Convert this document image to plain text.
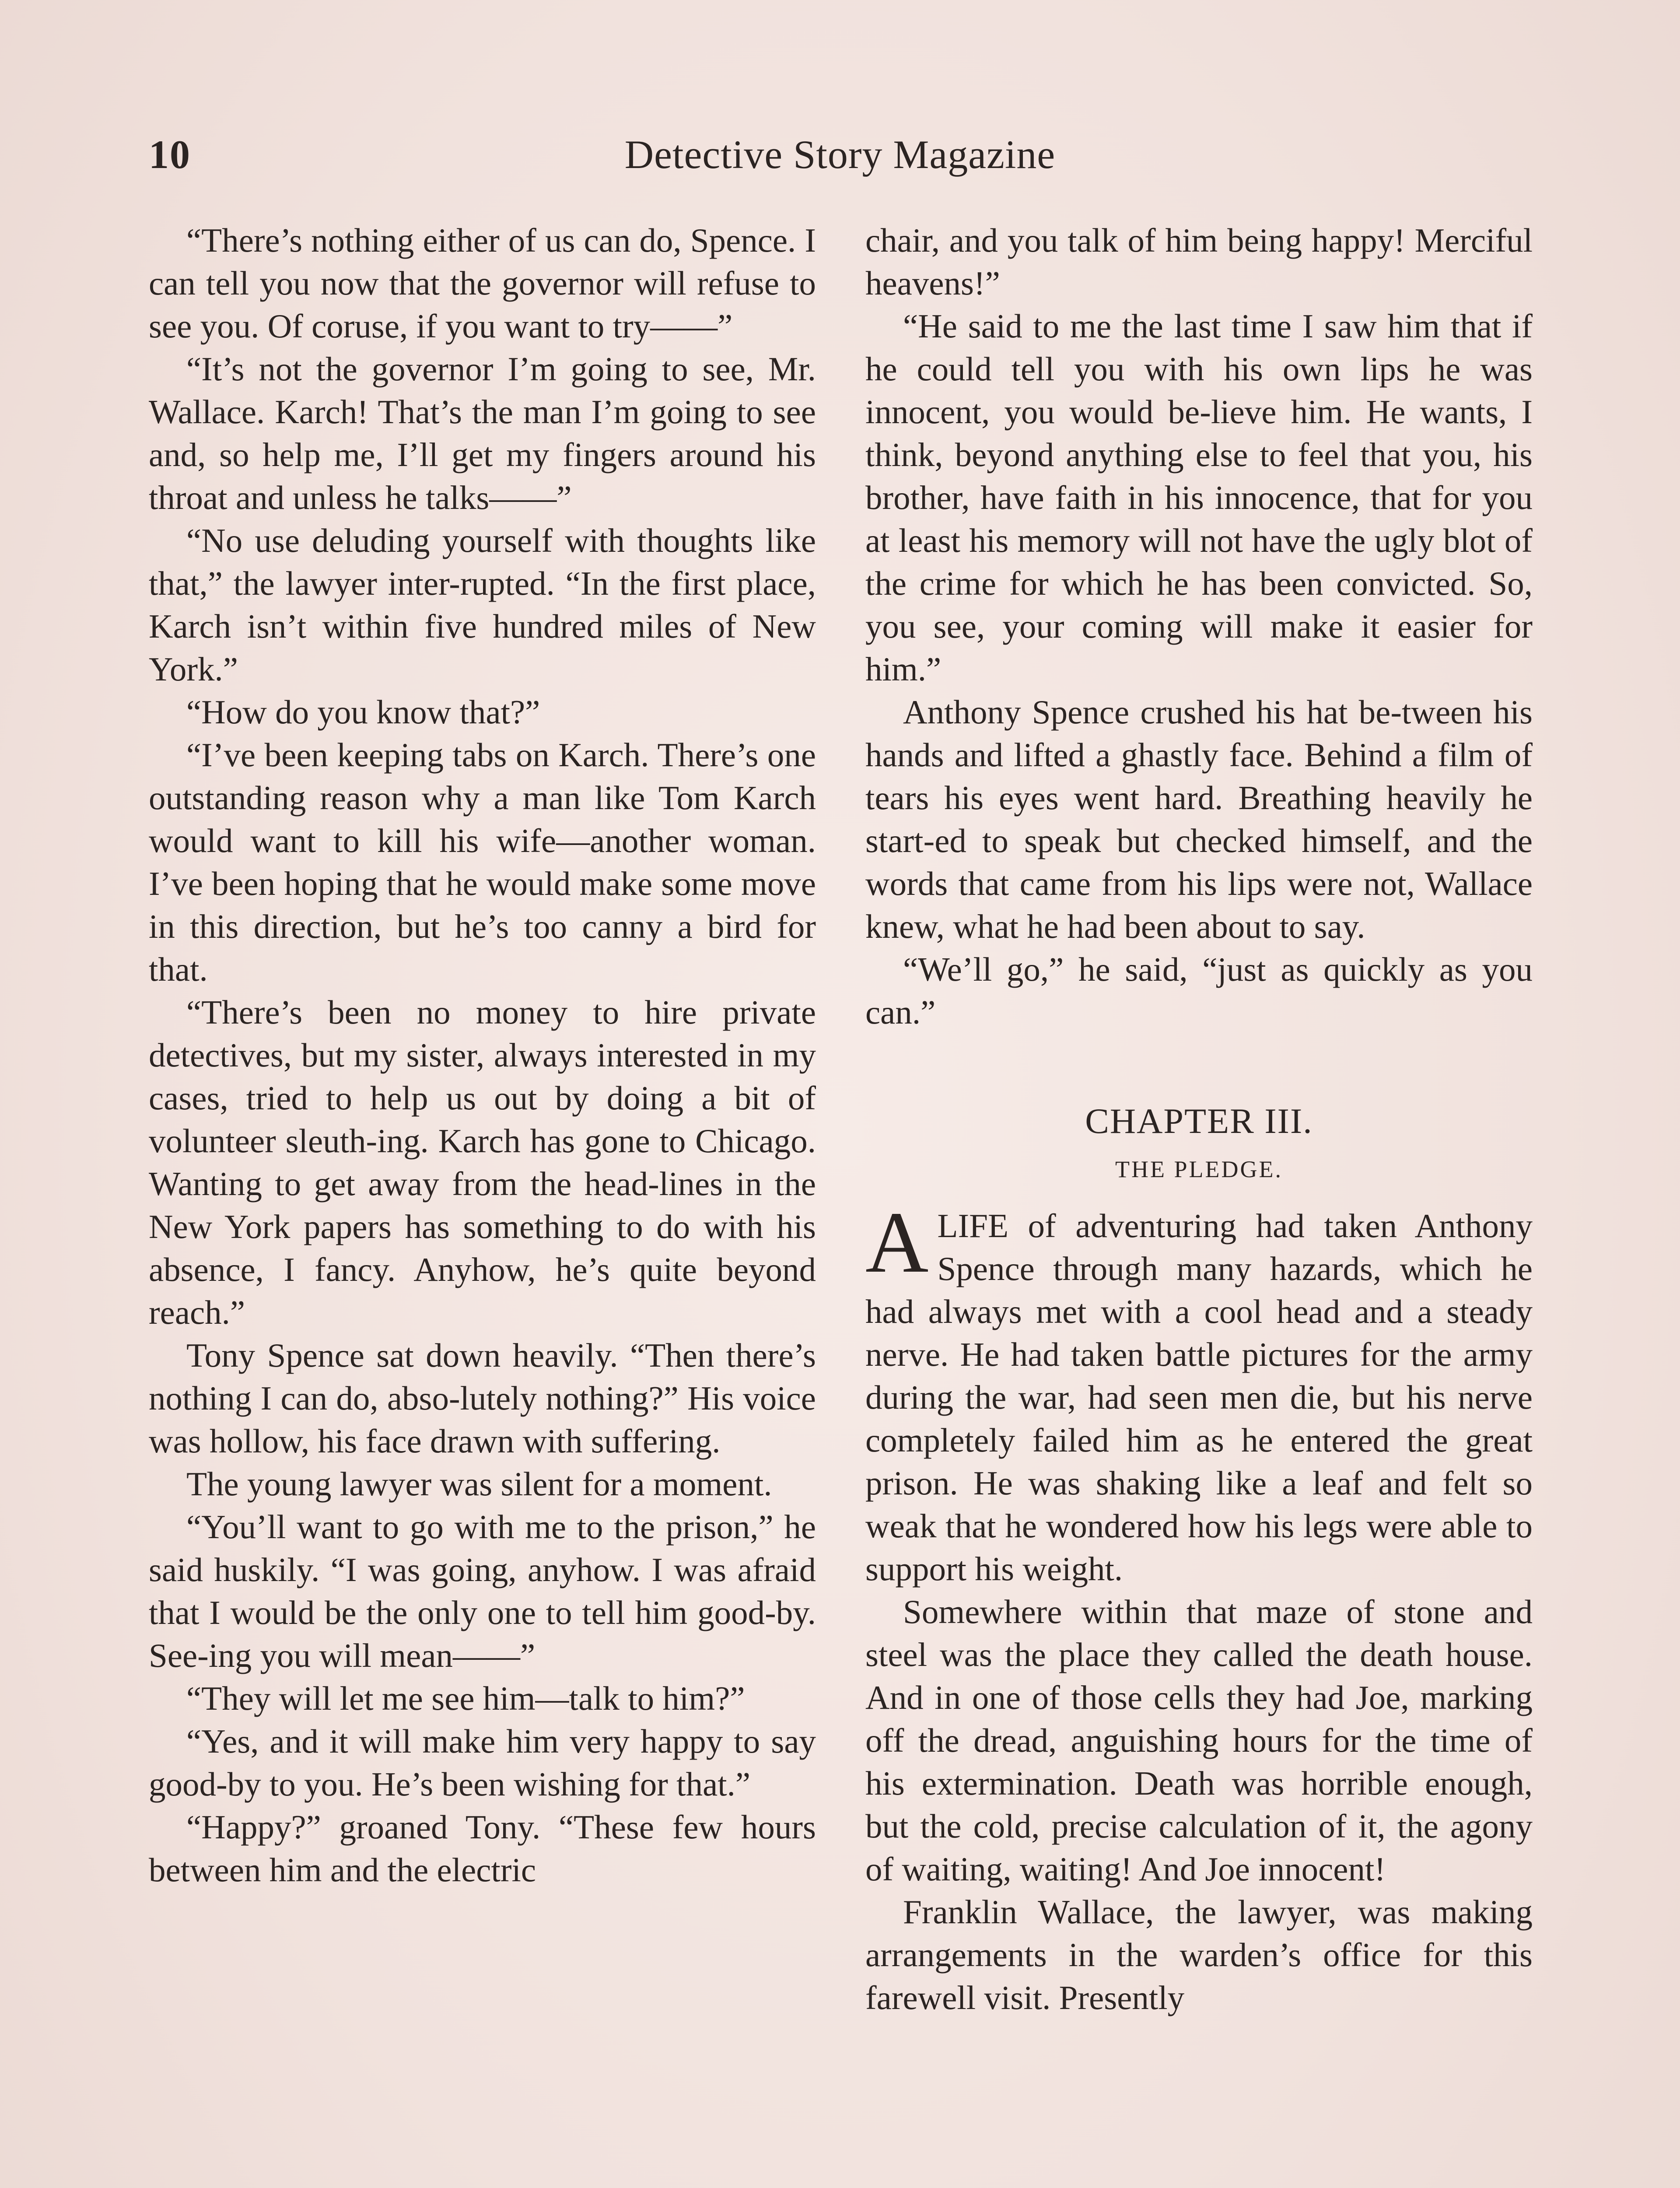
10	Detective Story Magazine

“There’s nothing either of us can do, Spence. I can tell you now that the governor will refuse to see you. Of coruse, if you want to try——”

“It’s not the governor I’m going to see, Mr. Wallace. Karch! That’s the man I’m going to see and, so help me, I’ll get my fingers around his throat and unless he talks——”

“No use deluding yourself with thoughts like that,” the lawyer inter-rupted. “In the first place, Karch isn’t within five hundred miles of New York.”

“How do you know that?”

“I’ve been keeping tabs on Karch. There’s one outstanding reason why a man like Tom Karch would want to kill his wife—another woman. I’ve been hoping that he would make some move in this direction, but he’s too canny a bird for that.

“There’s been no money to hire private detectives, but my sister, always interested in my cases, tried to help us out by doing a bit of volunteer sleuth-ing. Karch has gone to Chicago. Wanting to get away from the head-lines in the New York papers has something to do with his absence, I fancy. Anyhow, he’s quite beyond reach.”

Tony Spence sat down heavily. “Then there’s nothing I can do, abso-lutely nothing?” His voice was hollow, his face drawn with suffering.

The young lawyer was silent for a moment.

“You’ll want to go with me to the prison,” he said huskily. “I was going, anyhow. I was afraid that I would be the only one to tell him good-by. See-ing you will mean——”

“They will let me see him—talk to him?”

“Yes, and it will make him very happy to say good-by to you. He’s been wishing for that.”

“Happy?” groaned Tony. “These few hours between him and the electric

chair, and you talk of him being happy! Merciful heavens!”

“He said to me the last time I saw him that if he could tell you with his own lips he was innocent, you would be-lieve him. He wants, I think, beyond anything else to feel that you, his brother, have faith in his innocence, that for you at least his memory will not have the ugly blot of the crime for which he has been convicted. So, you see, your coming will make it easier for him.”

Anthony Spence crushed his hat be-tween his hands and lifted a ghastly face. Behind a film of tears his eyes went hard. Breathing heavily he start-ed to speak but checked himself, and the words that came from his lips were not, Wallace knew, what he had been about to say.

“We’ll go,” he said, “just as quickly as you can.”

CHAPTER III.
THE PLEDGE.

ALIFE of adventuring had taken Anthony Spence through many hazards, which he had always met with a cool head and a steady nerve. He had taken battle pictures for the army during the war, had seen men die, but his nerve completely failed him as he entered the great prison. He was shaking like a leaf and felt so weak that he wondered how his legs were able to support his weight.

Somewhere within that maze of stone and steel was the place they called the death house. And in one of those cells they had Joe, marking off the dread, anguishing hours for the time of his extermination. Death was horrible enough, but the cold, precise calculation of it, the agony of waiting, waiting! And Joe innocent!

Franklin Wallace, the lawyer, was making arrangements in the warden’s office for this farewell visit. Presently
